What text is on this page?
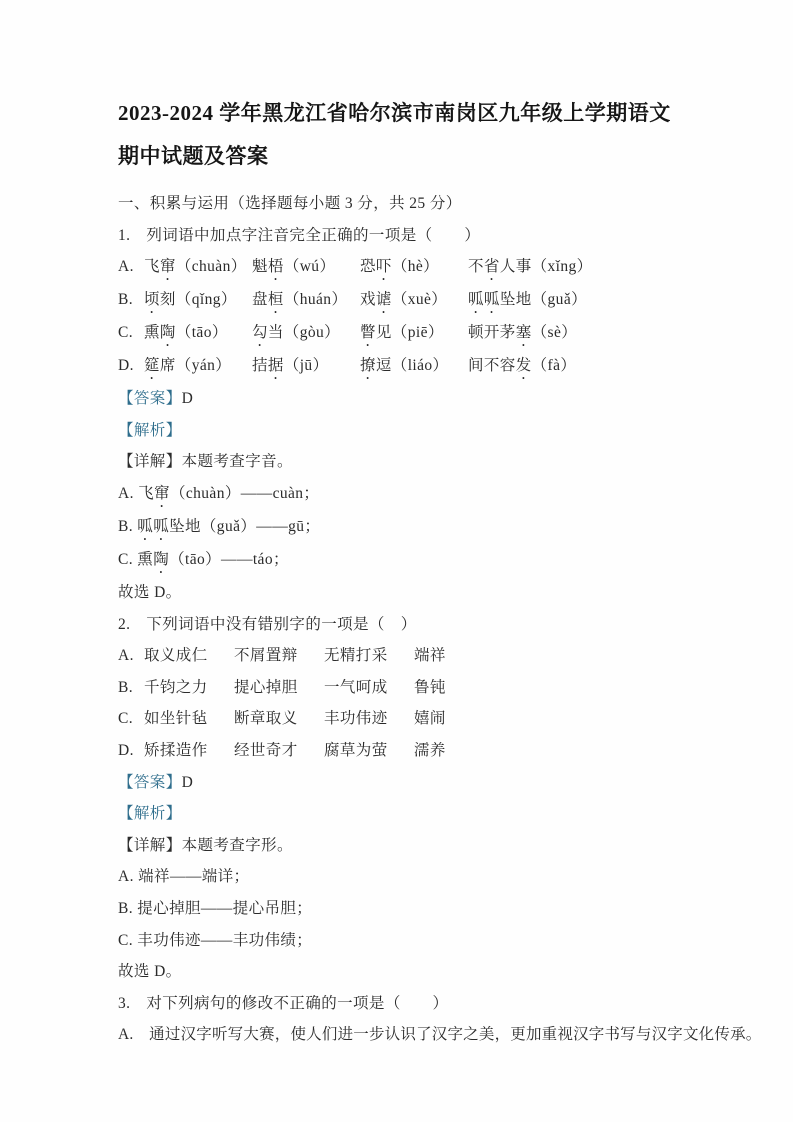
2023-2024 学年黑龙江省哈尔滨市南岗区九年级上学期语文
期中试题及答案

一、积累与运用（选择题每小题 3 分，共 25 分）

1.　列词语中加点字注音完全正确的一项是（　　）

A. 飞窜（chuàn） 魁梧（wú） 恐吓（hè） 不省人事（xǐng）

B. 顷刻（qǐng） 盘桓（huán） 戏谑（xuè） 呱呱坠地（guǎ）

C. 熏陶（tāo） 勾当（gòu） 瞥见（piē） 顿开茅塞（sè）

D. 筵席（yán） 拮据（jū） 撩逗（liáo） 间不容发（fà）

【答案】D

【解析】

【详解】本题考查字音。

A. 飞窜（chuàn）——cuàn；

B. 呱呱坠地（guǎ）——gū；

C. 熏陶（tāo）——táo；

故选 D。

2.　下列词语中没有错别字的一项是（　）

A. 取义成仁 不屑置辩 无精打采 端祥

B. 千钧之力 提心掉胆 一气呵成 鲁钝

C. 如坐针毡 断章取义 丰功伟迹 嬉闹

D. 矫揉造作 经世奇才 腐草为萤 濡养

【答案】D

【解析】

【详解】本题考查字形。

A. 端祥——端详；

B. 提心掉胆——提心吊胆；

C. 丰功伟迹——丰功伟绩；

故选 D。

3.　对下列病句的修改不正确的一项是（　　）

A.　通过汉字听写大赛，使人们进一步认识了汉字之美，更加重视汉字书写与汉字文化传承。
